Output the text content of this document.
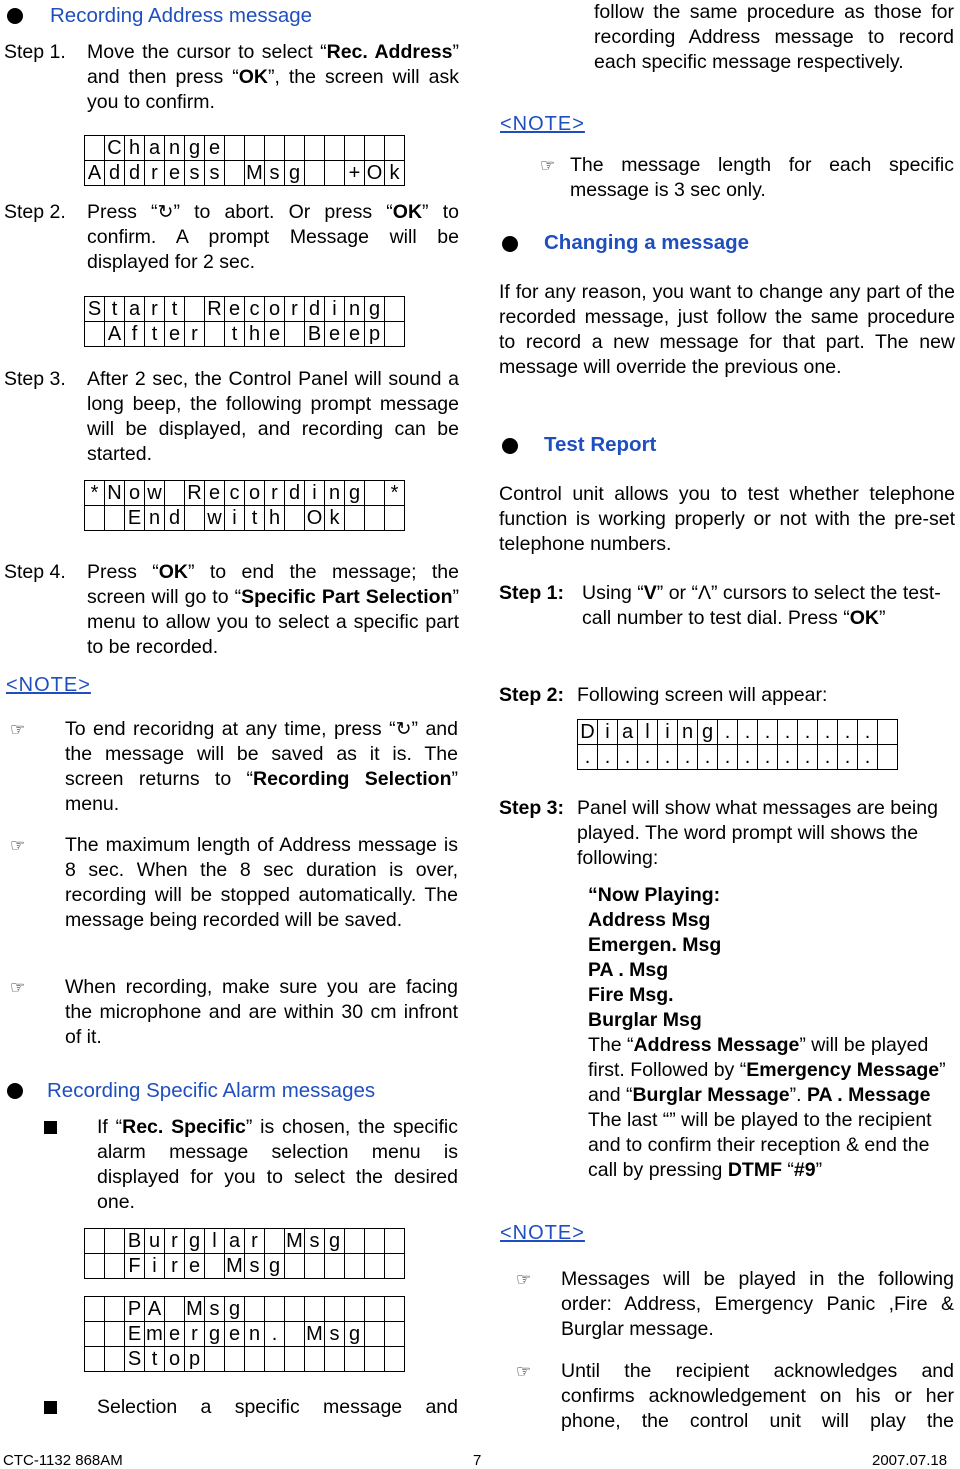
Recording Address message
Step 1. Move the cursor to select “Rec. Address” and then press “OK”, the screen will ask you to confirm.
	C	h	a	n	g	e									
A	d	d	r	e	s	s		M	s	g			+	O	k
Step 2. Press “↻” to abort. Or press “OK” to confirm. A prompt Message will be displayed for 2 sec.
S	t	a	r	t		R	e	c	o	r	d	i	n	g	
	A	f	t	e	r		t	h	e		B	e	e	p	
Step 3. After 2 sec, the Control Panel will sound a long beep, the following prompt message will be displayed, and recording can be started.
*	N	o	w		R	e	c	o	r	d	i	n	g		*
		E	n	d		w	i	t	h		O	k			
Step 4. Press “OK” to end the message; the screen will go to “Specific Part Selection” menu to allow you to select a specific part to be recorded.
<NOTE>
☞ To end recoridng at any time, press “↻” and the message will be saved as it is. The screen returns to “Recording Selection” menu.
☞ The maximum length of Address message is 8 sec. When the 8 sec duration is over, recording will be stopped automatically. The message being recorded will be saved.
☞ When recording, make sure you are facing the microphone and are within 30 cm infront of it.
Recording Specific Alarm messages
If “Rec. Specific” is chosen, the specific alarm message selection menu is displayed for you to select the desired one.
		B	u	r	g	l	a	r		M	s	g			
		F	i	r	e		M	s	g						
		P	A		M	s	g								
		E	m	e	r	g	e	n	.		M	s	g		
		S	t	o	p										
Selection a specific message and
follow the same procedure as those for recording Address message to record each specific message respectively.
<NOTE>
☞ The message length for each specific message is 3 sec only.
Changing a message
If for any reason, you want to change any part of the recorded message, just follow the same procedure to record a new message for that part. The new message will override the previous one.
Test Report
Control unit allows you to test whether telephone function is working properly or not with the pre-set telephone numbers.
Step 1: Using “V” or “Λ” cursors to select the test-call number to test dial. Press “OK”
Step 2: Following screen will appear:
D	i	a	l	i	n	g	.	.	.	.	.	.	.	.	
.	.	.	.	.	.	.	.	.	.	.	.	.	.	.	
Step 3: Panel will show what messages are being played. The word prompt will shows the following:
“Now Playing:
Address Msg
Emergen. Msg
PA . Msg
Fire Msg.
Burglar Msg
The “Address Message” will be played first. Followed by “Emergency Message” and “Burglar Message”. PA . Message The last “” will be played to the recipient and to confirm their reception & end the call by pressing DTMF “#9”
<NOTE>
☞ Messages will be played in the following order: Address, Emergency Panic ,Fire & Burglar message.
☞ Until the recipient acknowledges and confirms acknowledgement on his or her phone, the control unit will play the
CTC-1132 868AM	7	2007.07.18
